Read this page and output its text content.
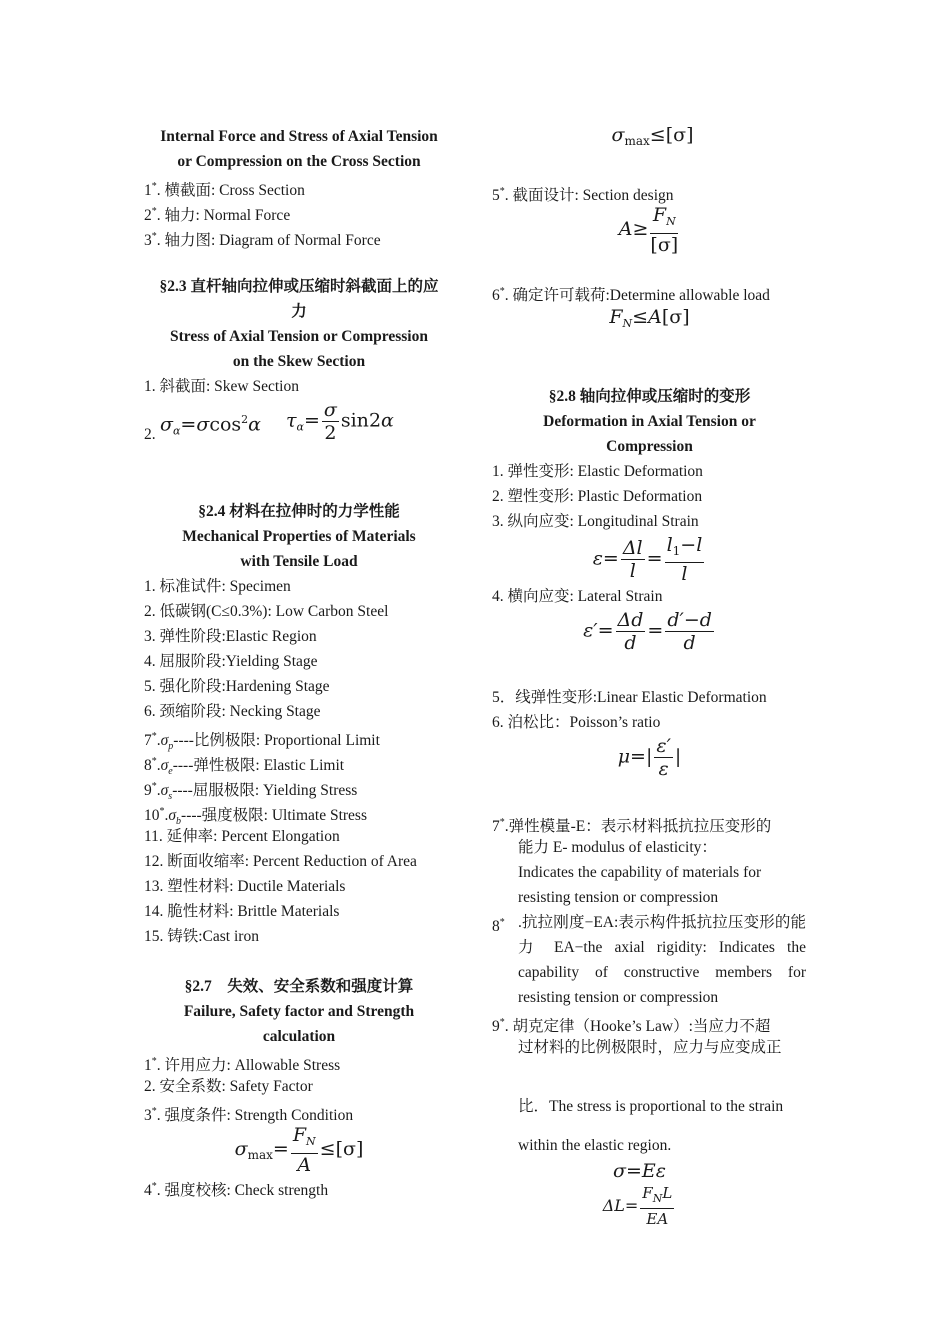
Internal Force and Stress of Axial Tension
or Compression on the Cross Section
1*. 横截面: Cross Section
2*. 轴力: Normal Force
3*. 轴力图: Diagram of Normal Force
§2.3 直杆轴向拉伸或压缩时斜截面上的应
力
Stress of Axial Tension or Compression
on the Skew Section
1. 斜截面: Skew Section
2. $\sigma_\alpha=\sigma\cos^2\alpha$ $\tau_\alpha= \frac{\sigma}{2} \sin 2\alpha$
§2.4 材料在拉伸时的力学性能
Mechanical Properties of Materials
with Tensile Load
1. 标准试件: Specimen
2. 低碳钢(C≤0.3%): Low Carbon Steel
3. 弹性阶段:Elastic Region
4. 屈服阶段:Yielding Stage
5. 强化阶段:Hardening Stage
6. 颈缩阶段: Necking Stage
$7^*.\sigma_p----$比例极限: Proportional Limit
$8^*.\sigma_e----$弹性极限: Elastic Limit
$9^*.\sigma_s----$屈服极限: Yielding Stress
$10^*.\sigma_b----$强度极限: Ultimate Stress
11. 延伸率: Percent Elongation
12. 断面收缩率: Percent Reduction of Area
13. 塑性材料: Ductile Materials
14. 脆性材料: Brittle Materials
15. 铸铁:Cast iron
§2.7　失效、安全系数和强度计算
Failure, Safety factor and Strength
calculation
1*. 许用应力: Allowable Stress
2. 安全系数: Safety Factor
3*. 强度条件: Strength Condition
$\sigma_{max}= \frac{F_N}{A} \le[\sigma]$
4*. 强度校核: Check strength
$\sigma_{max}\le[\sigma]$
5*. 截面设计: Section design
$A\ge \frac{F_N}{[\sigma]}$
6*. 确定许可载荷:Determine allowable load
$F_N\le A[\sigma]$
§2.8 轴向拉伸或压缩时的变形
Deformation in Axial Tension or
Compression
1. 弹性变形: Elastic Deformation
2. 塑性变形: Plastic Deformation
3. 纵向应变: Longitudinal Strain
$\varepsilon= \frac{\Delta l}{l} = \frac{l_1-l}{l}$
4. 横向应变: Lateral Strain
$\varepsilon'= \frac{\Delta d}{d} = \frac{d'-d}{d}$
5．线弹性变形:Linear Elastic Deformation
6. 泊松比：Poisson’s ratio
$\mu=| \frac{\varepsilon'}{\varepsilon}$ |
7*.弹性模量-E：表示材料抵抗拉压变形的
能力 E- modulus of elasticity：
Indicates the capability of materials for
resisting tension or compression
8* .抗拉刚度−EA:表示构件抵抗拉压变形的能 力 EA−the axial rigidity: Indicates the capability of constructive members for resisting tension or compression
9*. 胡克定律（Hooke’s Law）:当应力不超
过材料的比例极限时，应力与应变成正
比．The stress is proportional to the strain
within the elastic region.
σ=Eε
$\Delta L= \frac{F_NL}{EA}$
